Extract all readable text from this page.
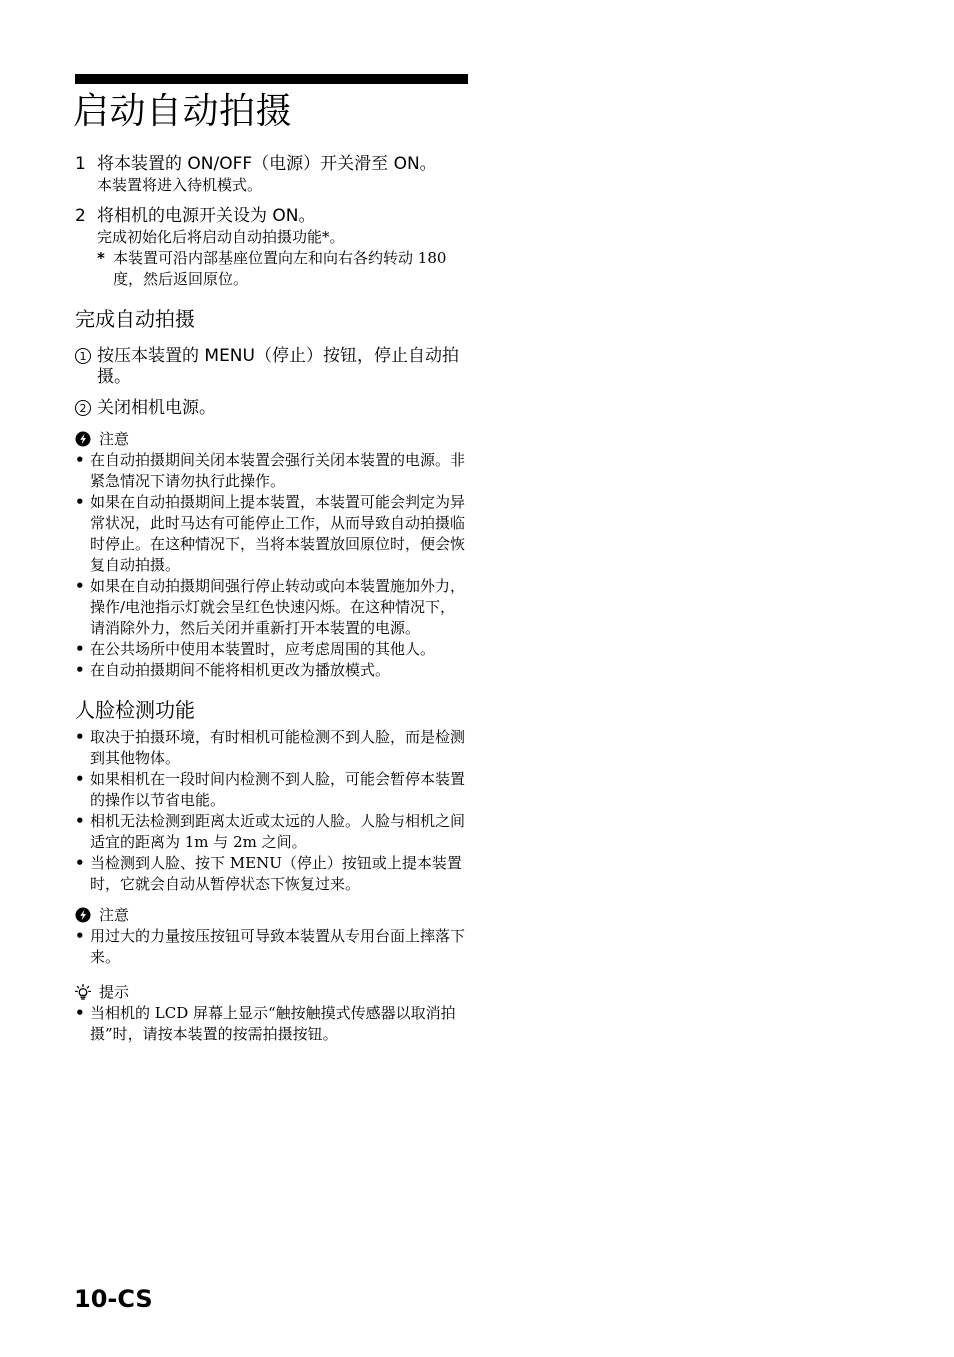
启动自动拍摄
1 将本装置的 ON/OFF（电源）开关滑至 ON。
本装置将进入待机模式。
2 将相机的电源开关设为 ON。
完成初始化后将启动自动拍摄功能*。
* 本装置可沿内部基座位置向左和向右各约转动 180 度，然后返回原位。
完成自动拍摄
1 按压本装置的 MENU（停止）按钮，停止自动拍摄。
2 关闭相机电源。
注意
• 在自动拍摄期间关闭本装置会强行关闭本装置的电源。非紧急情况下请勿执行此操作。
• 如果在自动拍摄期间上提本装置，本装置可能会判定为异常状况，此时马达有可能停止工作，从而导致自动拍摄临时停止。在这种情况下，当将本装置放回原位时，便会恢复自动拍摄。
• 如果在自动拍摄期间强行停止转动或向本装置施加外力，操作/电池指示灯就会呈红色快速闪烁。在这种情况下，请消除外力，然后关闭并重新打开本装置的电源。
• 在公共场所中使用本装置时，应考虑周围的其他人。
• 在自动拍摄期间不能将相机更改为播放模式。
人脸检测功能
• 取决于拍摄环境，有时相机可能检测不到人脸，而是检测到其他物体。
• 如果相机在一段时间内检测不到人脸，可能会暂停本装置的操作以节省电能。
• 相机无法检测到距离太近或太远的人脸。人脸与相机之间适宜的距离为 1m 与 2m 之间。
• 当检测到人脸、按下 MENU（停止）按钮或上提本装置时，它就会自动从暂停状态下恢复过来。
注意
• 用过大的力量按压按钮可导致本装置从专用台面上摔落下来。
提示
• 当相机的 LCD 屏幕上显示“触按触摸式传感器以取消拍摄”时，请按本装置的按需拍摄按钮。
10-CS
